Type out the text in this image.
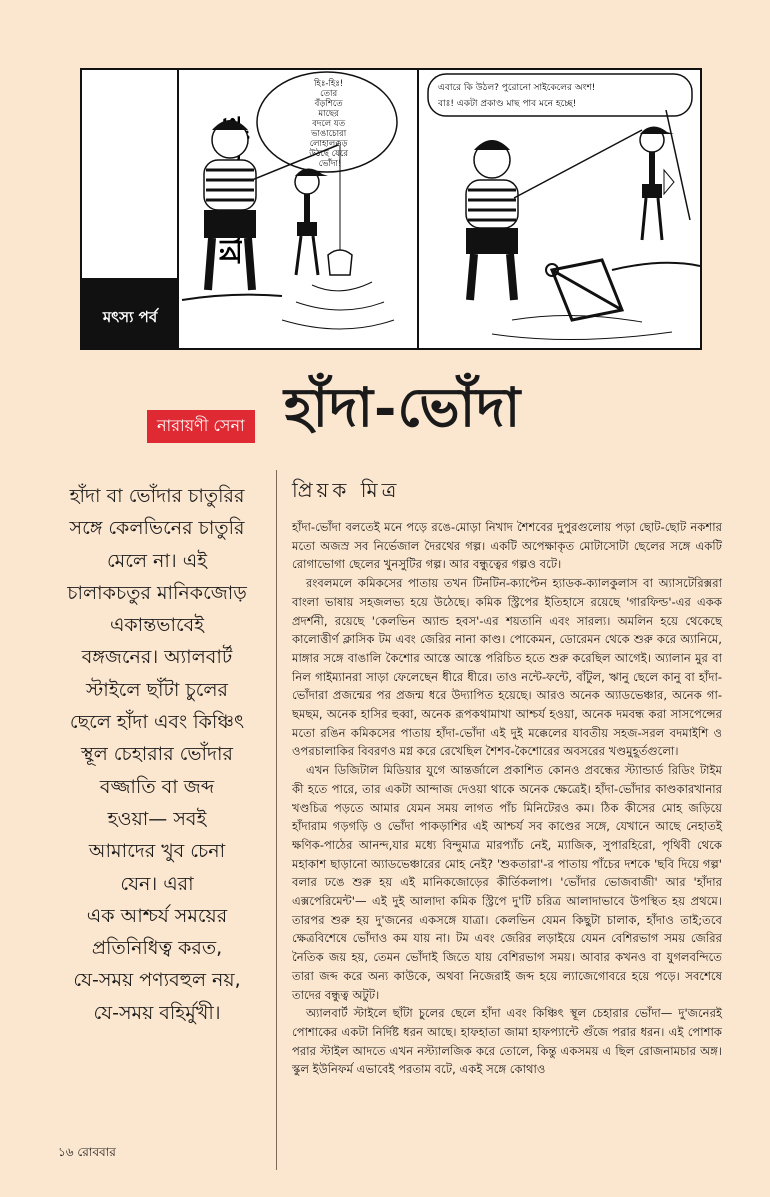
মৎস্য পর্ব
হিঃ-হিঃ! তোর বঁড়শিতে মাছের বদলে যত ভাঙাচোরা লোহালক্কড় উঠছে যেরে ভোঁদা!
এবারে কি উঠল? পুরোনো সাইকেলের অংশ! বাঃ! একটা প্রকাণ্ড মাছ পাব মনে হচ্ছে!
নারায়ণী সেনা হাঁদা-ভোঁদা
প্রিয়ক মিত্র
হাঁদা বা ভোঁদার চাতুরির
সঙ্গে কেলভিনের চাতুরি
মেলে না। এই
চালাকচতুর মানিকজোড়
একান্তভাবেই
বঙ্গজনের। অ্যালবার্ট
স্টাইলে ছাঁটা চুলের
ছেলে হাঁদা এবং কিঞ্চিৎ
স্থূল চেহারার ভোঁদার
বজ্জাতি বা জব্দ
হওয়া— সবই
আমাদের খুব চেনা
যেন। এরা
এক আশ্চর্য সময়ের
প্রতিনিধিত্ব করত,
যে-সময় পণ্যবহুল নয়,
যে-সময় বহির্মুখী।

হাঁদা-ভোঁদা বলতেই মনে পড়ে রঙে-মোড়া নিখাদ শৈশবের দুপুরগুলোয় পড়া ছোট-ছোট নকশার মতো অজস্র সব নির্ভেজাল দৈরথের গল্প। একটি অপেক্ষাকৃত মোটাসোটা ছেলের সঙ্গে একটি রোগাভোগা ছেলের খুনসুটির গল্প। আর বন্ধুত্বের গল্পও বটে।

রংবলমলে কমিকসের পাতায় তখন টিনটিন-ক্যাপ্টেন হ্যাডক-ক্যালকুলাস বা অ্যাসটেরিক্সরা বাংলা ভাষায় সহজলভ্য হয়ে উঠেছে। কমিক স্ট্রিপের ইতিহাসে রয়েছে 'গারফিল্ড'-এর একক প্রদর্শনী, রয়েছে 'কেলভিন অ্যান্ড হবস'-এর শয়তানি এবং সারল্য। অমলিন হয়ে থেকেছে কালোত্তীর্ণ ক্লাসিক টম এবং জেরির নানা কাণ্ড। পোকেমন, ডোরেমন থেকে শুরু করে অ্যানিমে, মাঙ্গার সঙ্গে বাঙালি কৈশোর আস্তে আস্তে পরিচিত হতে শুরু করেছিল আগেই। অ্যালান মুর বা নিল গাইম্যানরা সাড়া ফেলেছেন ধীরে ধীরে। তাও নন্টে-ফন্টে, বাঁটুল, ঋানু ছেলে কানু বা হাঁদা-ভোঁদারা প্রজন্মের পর প্রজন্ম ধরে উদ্যাপিত হয়েছে। আরও অনেক অ্যাডভেঞ্চার, অনেক গা-ছমছম, অনেক হাসির হুব্বা, অনেক রূপকথামাখা আশ্চর্য হওয়া, অনেক দমবন্ধ করা সাসপেন্সের মতো রঙিন কমিকসের পাতায় হাঁদা-ভোঁদা এই দুই মক্কেলের যাবতীয় সহজ-সরল বদমাইশি ও ওপরচালাকির বিবরণও মগ্ন করে রেখেছিল শৈশব-কৈশোরের অবসরের খণ্ডমুহূর্তগুলো।

এখন ডিজিটাল মিডিয়ার যুগে আন্তর্জালে প্রকাশিত কোনও প্রবন্ধের স্ট্যান্ডার্ড রিডিং টাইম কী হতে পারে, তার একটা আন্দাজ দেওয়া থাকে অনেক ক্ষেত্রেই। হাঁদা-ভোঁদার কাণ্ডকারখানার খণ্ডচিত্র পড়তে আমার যেমন সময় লাগত পাঁচ মিনিটেরও কম। ঠিক কীসের মোহ জড়িয়ে হাঁদারাম গড়গড়ি ও ভোঁদা পাকড়াশির এই আশ্চর্য সব কাণ্ডের সঙ্গে, যেখানে আছে নেহাতই ক্ষণিক-পাঠের আনন্দ,যার মধ্যে বিন্দুমাত্র মারপ্যাঁচ নেই, ম্যাজিক, সুপারহিরো, পৃথিবী থেকে মহাকাশ ছাড়ানো অ্যাডভেঞ্চারের মোহ নেই? 'শুকতারা'-র পাতায় পাঁচের দশকে 'ছবি দিয়ে গল্প' বলার ঢঙে শুরু হয় এই মানিকজোড়ের কীর্তিকলাপ। 'ভোঁদার ভোজবাজী' আর 'হাঁদার এক্সপেরিমেন্ট'— এই দুই আলাদা কমিক স্ট্রিপে দু'টি চরিত্র আলাদাভাবে উপস্থিত হয় প্রথমে। তারপর শুরু হয় দু'জনের একসঙ্গে যাত্রা। কেলভিন যেমন কিছুটা চালাক, হাঁদাও তাই;তবে ক্ষেত্রবিশেষে ভোঁদাও কম যায় না। টম এবং জেরির লড়াইয়ে যেমন বেশিরভাগ সময় জেরির নৈতিক জয় হয়, তেমন ভোঁদাই জিতে যায় বেশিরভাগ সময়। আবার কখনও বা যুগলবন্দিতে তারা জব্দ করে অন্য কাউকে, অথবা নিজেরাই জব্দ হয়ে ল্যাজেগোবরে হয়ে পড়ে। সবশেষে তাদের বন্ধুত্ব অটুট।

অ্যালবার্ট স্টাইলে ছাঁটা চুলের ছেলে হাঁদা এবং কিঞ্চিৎ স্থূল চেহারার ভোঁদা— দু'জনেরই পোশাকের একটা নির্দিষ্ট ধরন আছে। হাফহাতা জামা হাফপ্যান্টে গুঁজে পরার ধরন। এই পোশাক পরার স্টাইল আদতে এখন নস্ট্যালজিক করে তোলে, কিন্তু একসময় এ ছিল রোজনামচার অঙ্গ। স্কুল ইউনিফর্ম এভাবেই পরতাম বটে, একই সঙ্গে কোথাও

১৬ রোববার
